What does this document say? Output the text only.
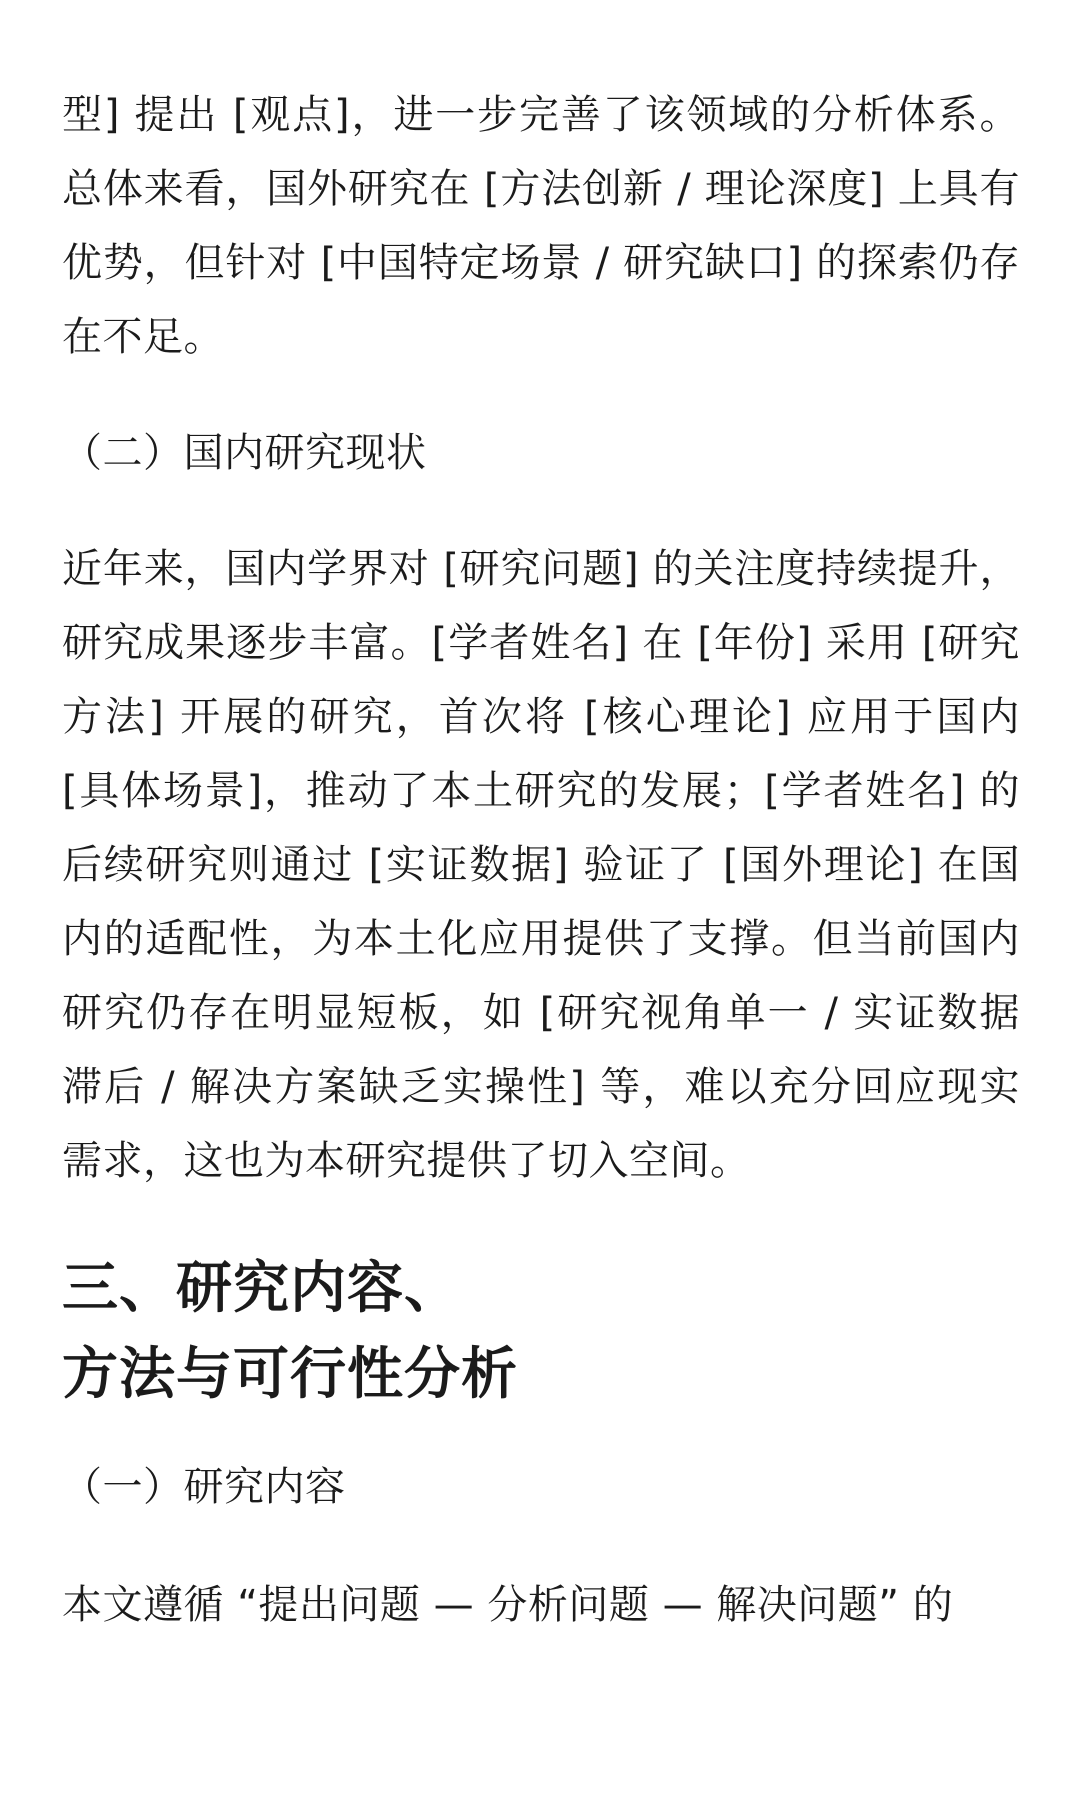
型] 提出 [观点]，进一步完善了该领域的分析体系。总体来看，国外研究在 [方法创新 / 理论深度] 上具有优势，但针对 [中国特定场景 / 研究缺口] 的探索仍存在不足。

（二）国内研究现状

近年来，国内学界对 [研究问题] 的关注度持续提升，研究成果逐步丰富。[学者姓名] 在 [年份] 采用 [研究方法] 开展的研究，首次将 [核心理论] 应用于国内 [具体场景]，推动了本土研究的发展；[学者姓名] 的后续研究则通过 [实证数据] 验证了 [国外理论] 在国内的适配性，为本土化应用提供了支撑。但当前国内研究仍存在明显短板，如 [研究视角单一 / 实证数据滞后 / 解决方案缺乏实操性] 等，难以充分回应现实需求，这也为本研究提供了切入空间。

三、研究内容、
方法与可行性分析

（一）研究内容

本文遵循 “提出问题 — 分析问题 — 解决问题” 的
